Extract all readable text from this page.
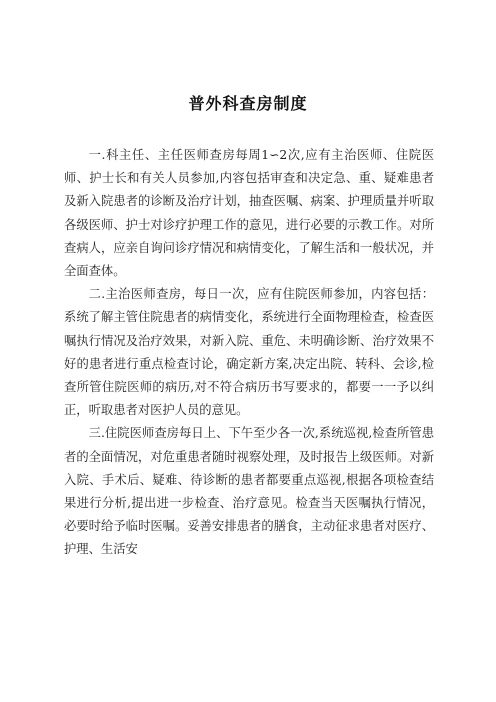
普外科查房制度

一.科主任、主任医师查房每周1∽2次,应有主治医师、住院医师、护士长和有关人员参加,内容包括审查和决定急、重、疑难患者及新入院患者的诊断及治疗计划，抽查医嘱、病案、护理质量并听取各级医师、护士对诊疗护理工作的意见，进行必要的示教工作。对所查病人，应亲自询问诊疗情况和病情变化，了解生活和一般状况，并全面查体。

二.主治医师查房，每日一次，应有住院医师参加，内容包括：系统了解主管住院患者的病情变化，系统进行全面物理检查，检查医嘱执行情况及治疗效果，对新入院、重危、未明确诊断、治疗效果不好的患者进行重点检查讨论，确定新方案,决定出院、转科、会诊,检查所管住院医师的病历,对不符合病历书写要求的，都要一一予以纠正，听取患者对医护人员的意见。

三.住院医师查房每日上、下午至少各一次,系统巡视,检查所管患者的全面情况，对危重患者随时视察处理，及时报告上级医师。对新入院、手术后、疑难、待诊断的患者都要重点巡视,根据各项检查结果进行分析,提出进一步检查、治疗意见。检查当天医嘱执行情况，必要时给予临时医嘱。妥善安排患者的膳食，主动征求患者对医疗、护理、生活安
